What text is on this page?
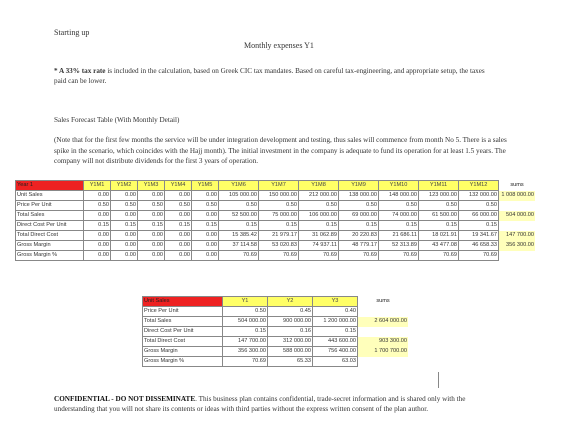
Starting up
Monthly expenses Y1
* A 33% tax rate is included in the calculation, based on Greek CIC tax mandates. Based on careful tax-engineering, and appropriate setup, the taxes paid can be lower.
Sales Forecast Table (With Monthly Detail)
(Note that for the first few months the service will be under integration development and testing, thus sales will commence from month No 5. There is a sales spike in the scenario, which coincides with the Hajj month). The initial investment in the company is adequate to fund its operation for at least 1.5 years. The company will not distribute dividends for the first 3 years of operation.
Year 1	Y1M1	Y1M2	Y1M3	Y1M4	Y1M5	Y1M6	Y1M7	Y1M8	Y1M9	Y1M10	Y1M11	Y1M12	sums
Unit Sales	0.00	0.00	0.00	0.00	0.00	105 000.00	150 000.00	212 000.00	138 000.00	148 000.00	123 000.00	132 000.00	1 008 000.00
Price Per Unit	0.50	0.50	0.50	0.50	0.50	0.50	0.50	0.50	0.50	0.50	0.50	0.50	
Total Sales	0.00	0.00	0.00	0.00	0.00	52 500.00	75 000.00	106 000.00	69 000.00	74 000.00	61 500.00	66 000.00	504 000.00
Direct Cost Per Unit	0.15	0.15	0.15	0.15	0.15	0.15	0.15	0.15	0.15	0.15	0.15	0.15	
Total Direct Cost	0.00	0.00	0.00	0.00	0.00	15 385.42	21 979.17	31 062.89	20 220.83	21 686.11	18 021.91	19 341.67	147 700.00
Gross Margin	0.00	0.00	0.00	0.00	0.00	37 114.58	53 020.83	74 937.11	48 779.17	52 313.89	43 477.08	46 658.33	356 300.00
Gross Margin %	0.00	0.00	0.00	0.00	0.00	70.69	70.69	70.69	70.69	70.69	70.69	70.69	
Unit Sales	Y1	Y2	Y3	sums
Price Per Unit	0.50	0.45	0.40	
Total Sales	504 000.00	900 000.00	1 200 000.00	2 604 000.00
Direct Cost Per Unit	0.15	0.16	0.15	
Total Direct Cost	147 700.00	312 000.00	443 600.00	903 300.00
Gross Margin	356 300.00	588 000.00	756 400.00	1 700 700.00
Gross Margin %	70.69	65.33	63.03	
CONFIDENTIAL - DO NOT DISSEMINATE. This business plan contains confidential, trade-secret information and is shared only with the understanding that you will not share its contents or ideas with third parties without the express written consent of the plan author.
